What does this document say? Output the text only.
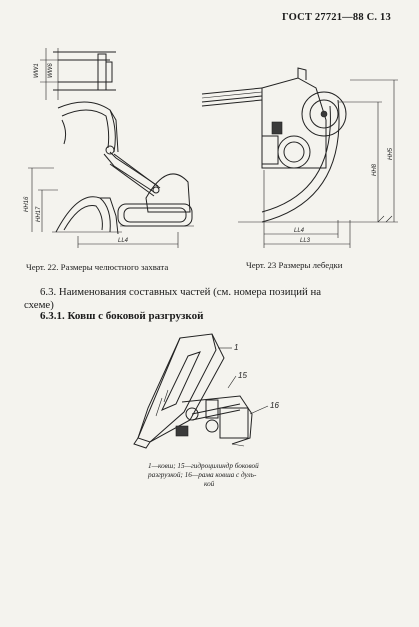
ГОСТ 27721—88 С. 13
WW1 WW6
HH16
HH17
LL4
HH5
HH8
LL4
LL3
Черт. 22. Размеры челюстного захвата	Черт. 23 Размеры лебедки
6.3. Наименования составных частей (см. номера позиций на
схеме)
6.3.1. Ковш с боковой разгрузкой
1
15
16
1—ковш; 15—гидроцилиндр боковой
разгрузкой; 16—рама ковша с дуль-
кой
